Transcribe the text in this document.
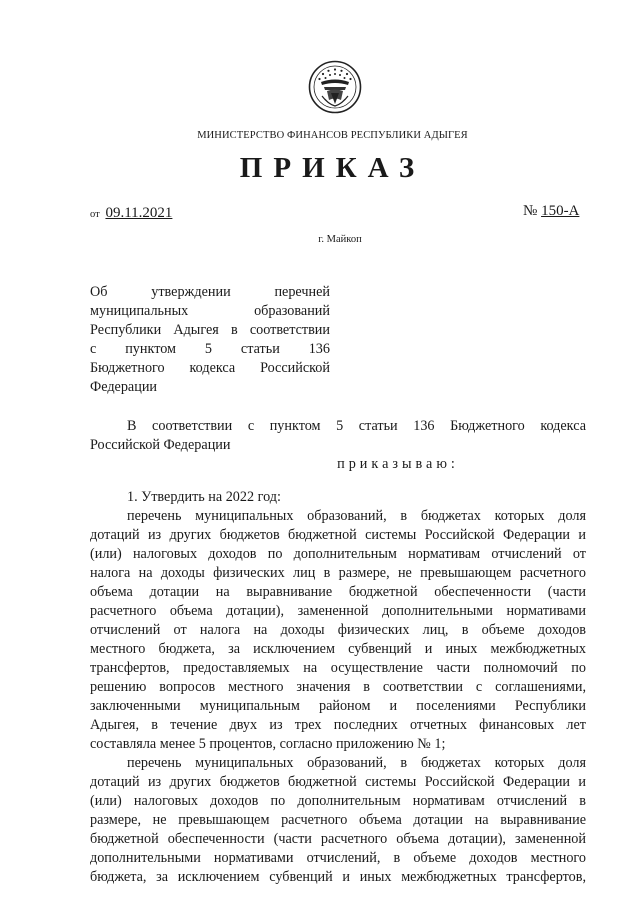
МИНИСТЕРСТВО ФИНАНСОВ РЕСПУБЛИКИ АДЫГЕЯ
ПРИКАЗ
от 09.11.2021	№ 150-А
г. Майкоп
Об утверждении перечней
муниципальных образований
Республики Адыгея в соответствии
с пунктом 5 статьи 136
Бюджетного кодекса Российской
Федерации
В соответствии с пунктом 5 статьи 136 Бюджетного кодекса
Российской Федерации
приказываю:
1. Утвердить на 2022 год:
перечень муниципальных образований, в бюджетах которых доля
дотаций из других бюджетов бюджетной системы Российской Федерации и
(или) налоговых доходов по дополнительным нормативам отчислений от
налога на доходы физических лиц в размере, не превышающем расчетного
объема дотации на выравнивание бюджетной обеспеченности (части
расчетного объема дотации), замененной дополнительными нормативами
отчислений от налога на доходы физических лиц, в объеме доходов
местного бюджета, за исключением субвенций и иных межбюджетных
трансфертов, предоставляемых на осуществление части полномочий по
решению вопросов местного значения в соответствии с соглашениями,
заключенными муниципальным районом и поселениями Республики
Адыгея, в течение двух из трех последних отчетных финансовых лет
составляла менее 5 процентов, согласно приложению № 1;
перечень муниципальных образований, в бюджетах которых доля
дотаций из других бюджетов бюджетной системы Российской Федерации и
(или) налоговых доходов по дополнительным нормативам отчислений в
размере, не превышающем расчетного объема дотации на выравнивание
бюджетной обеспеченности (части расчетного объема дотации), замененной
дополнительными нормативами отчислений, в объеме доходов местного
бюджета, за исключением субвенций и иных межбюджетных трансфертов,
